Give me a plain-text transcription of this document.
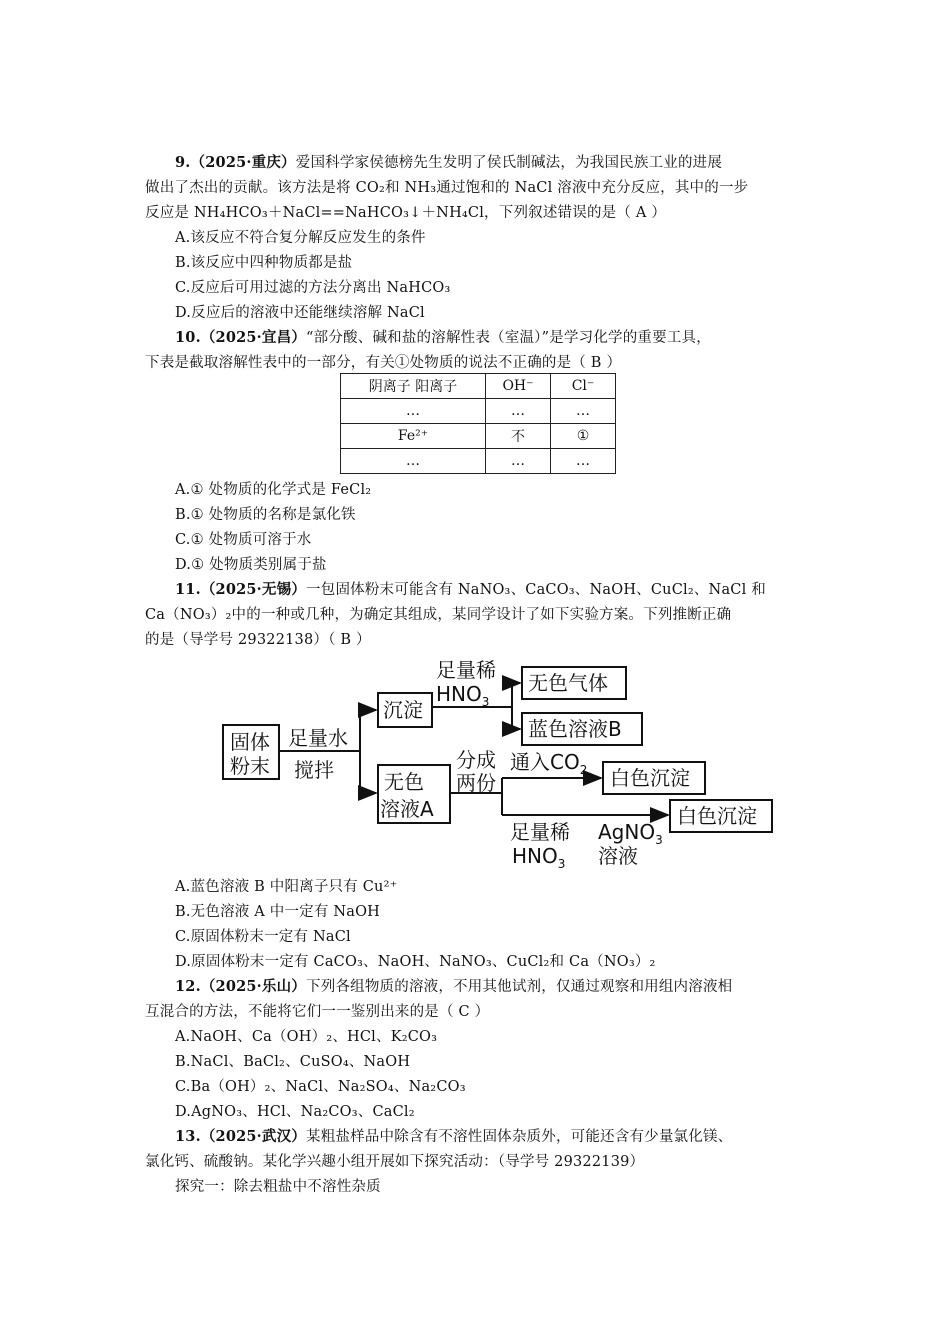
9.（2025·重庆）爱国科学家侯德榜先生发明了侯氏制碱法，为我国民族工业的进展
做出了杰出的贡献。该方法是将 CO₂和 NH₃通过饱和的 NaCl 溶液中充分反应，其中的一步
反应是 NH₄HCO₃＋NaCl==NaHCO₃↓＋NH₄Cl，下列叙述错误的是（ A ）
A.该反应不符合复分解反应发生的条件
B.该反应中四种物质都是盐
C.反应后可用过滤的方法分离出 NaHCO₃
D.反应后的溶液中还能继续溶解 NaCl
10.（2025·宜昌）“部分酸、碱和盐的溶解性表（室温）”是学习化学的重要工具，
下表是截取溶解性表中的一部分，有关①处物质的说法不正确的是（ B ）
阴离子 阳离子	OH⁻	Cl⁻
…	…	…
Fe²⁺	不	①
…	…	…
A.① 处物质的化学式是 FeCl₂
B.① 处物质的名称是氯化铁
C.① 处物质可溶于水
D.① 处物质类别属于盐
11.（2025·无锡）一包固体粉末可能含有 NaNO₃、CaCO₃、NaOH、CuCl₂、NaCl 和
Ca（NO₃）₂中的一种或几种，为确定其组成，某同学设计了如下实验方案。下列推断正确
的是（导学号 29322138）（ B ）
固体
粉末
足量水
搅拌
沉淀
足量稀
$HNO_3$
无色气体
蓝色溶液B
无色
溶液A
分成
两份
通入$CO_2$ 白色沉淀
足量稀
$HNO_3$
AgNO$_3$
溶液
白色沉淀
A.蓝色溶液 B 中阳离子只有 Cu²⁺
B.无色溶液 A 中一定有 NaOH
C.原固体粉末一定有 NaCl
D.原固体粉末一定有 CaCO₃、NaOH、NaNO₃、CuCl₂和 Ca（NO₃）₂
12.（2025·乐山）下列各组物质的溶液，不用其他试剂，仅通过观察和用组内溶液相
互混合的方法，不能将它们一一鉴别出来的是（ C ）
A.NaOH、Ca（OH）₂、HCl、K₂CO₃
B.NaCl、BaCl₂、CuSO₄、NaOH
C.Ba（OH）₂、NaCl、Na₂SO₄、Na₂CO₃
D.AgNO₃、HCl、Na₂CO₃、CaCl₂
13.（2025·武汉）某粗盐样品中除含有不溶性固体杂质外，可能还含有少量氯化镁、
氯化钙、硫酸钠。某化学兴趣小组开展如下探究活动：（导学号 29322139）
探究一：除去粗盐中不溶性杂质
